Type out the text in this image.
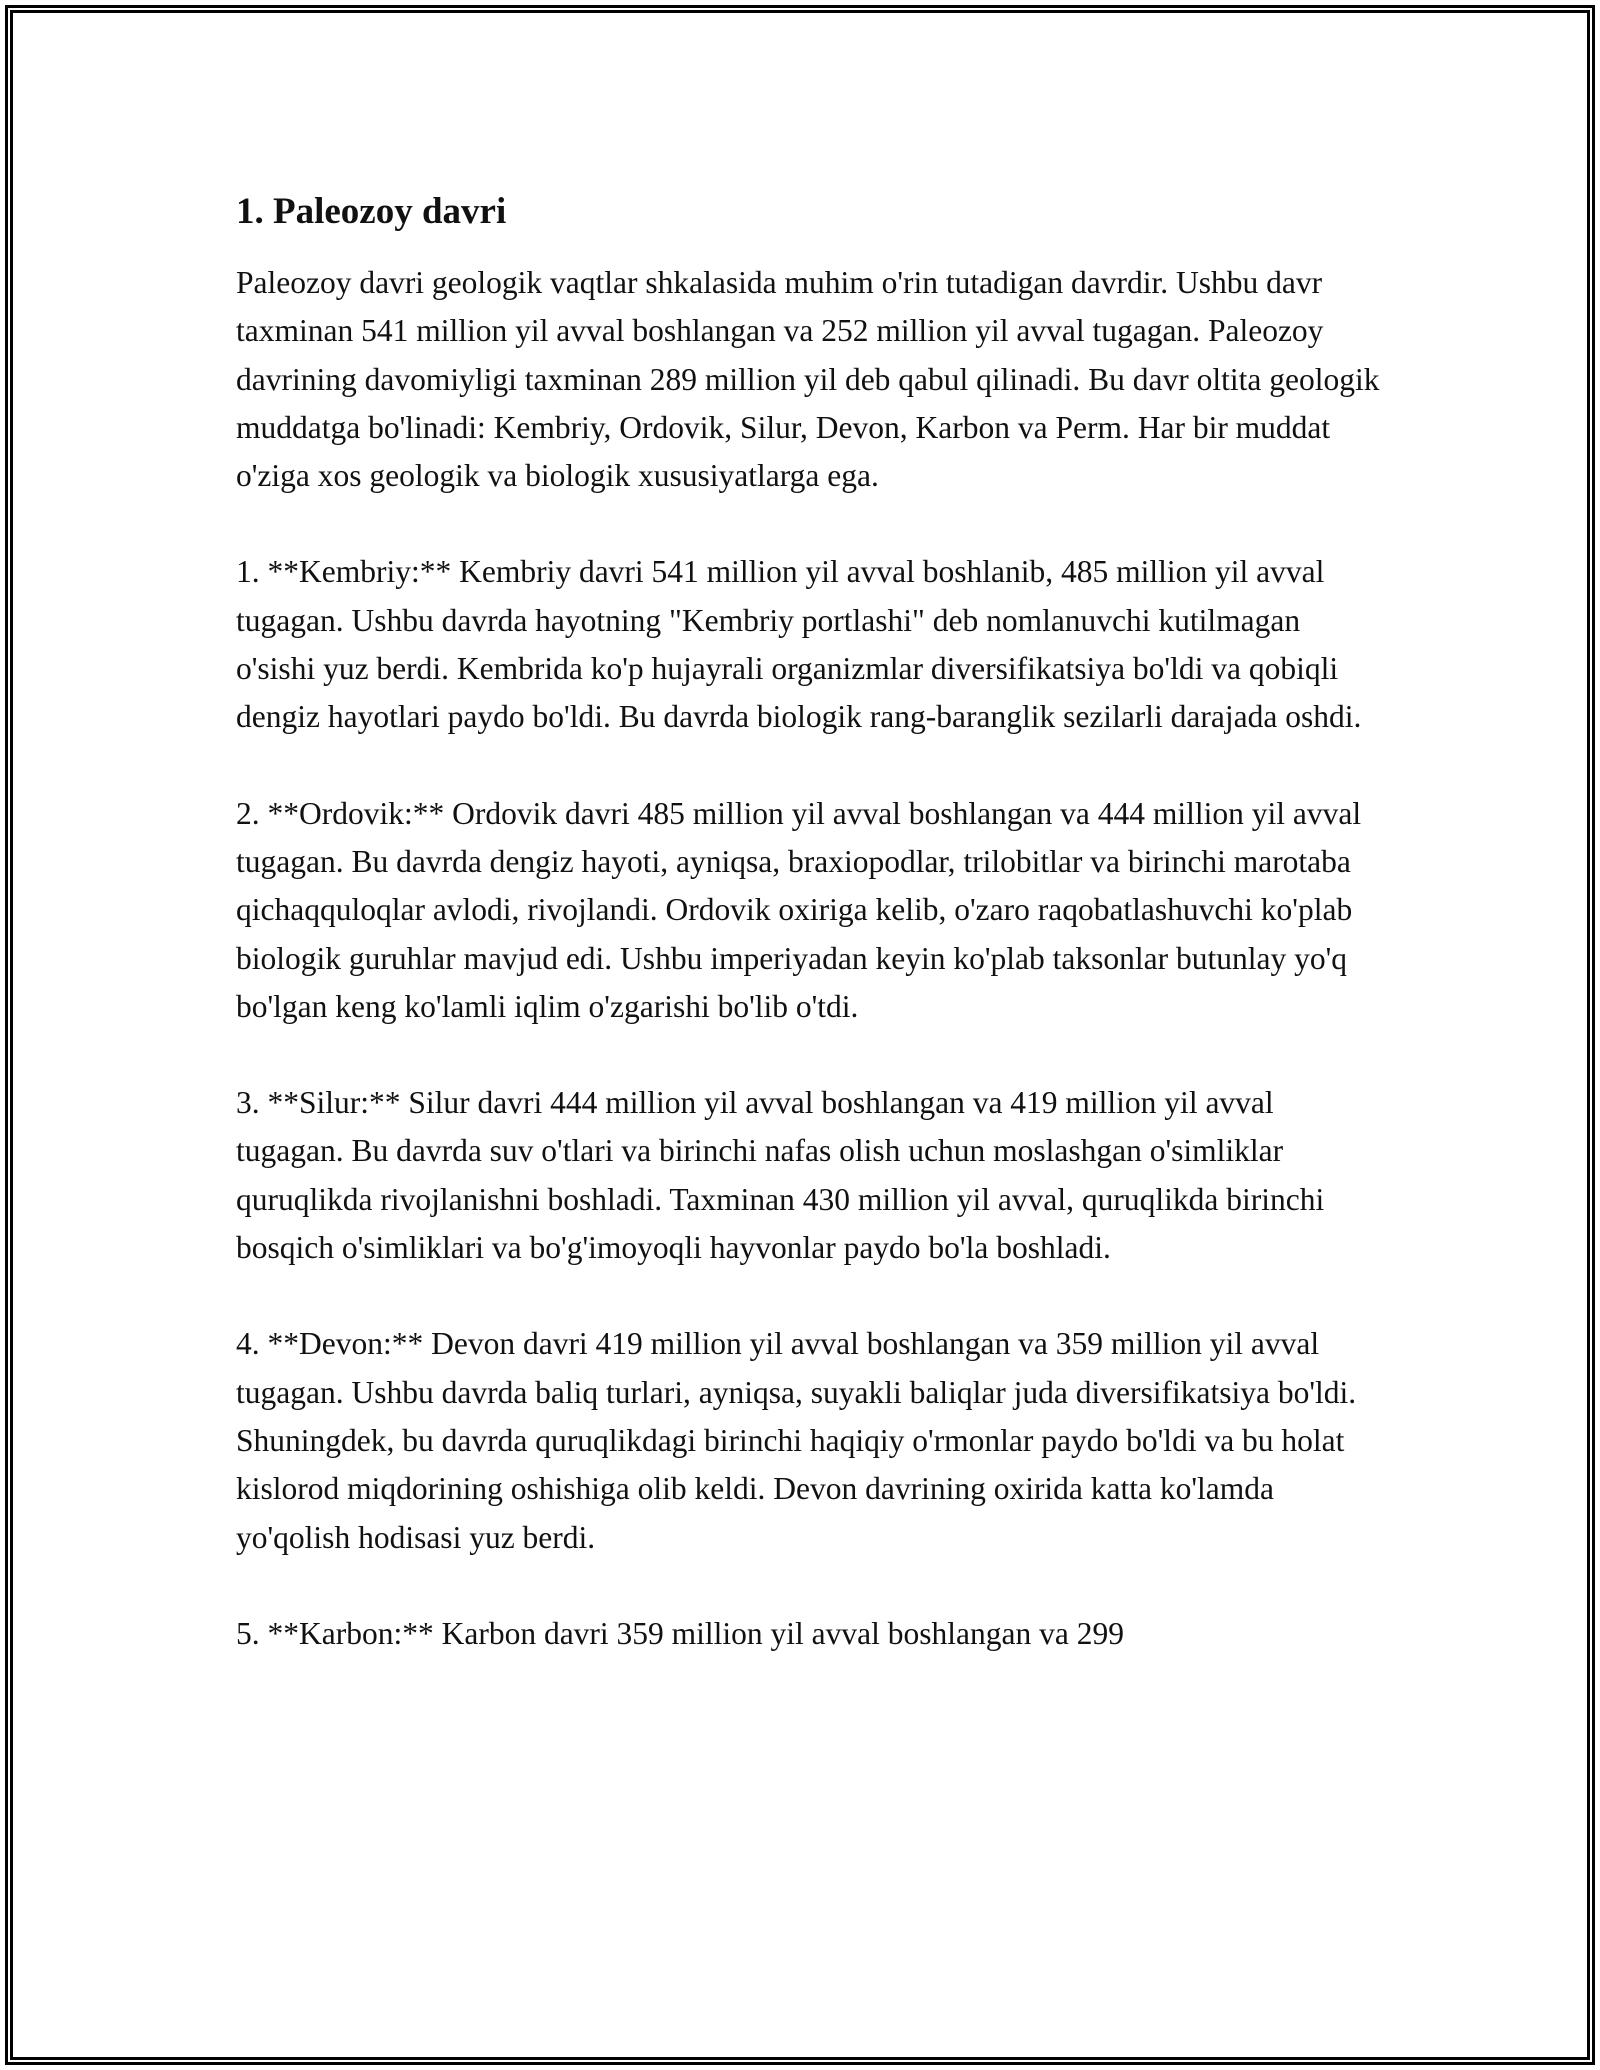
1. Paleozoy davri

Paleozoy davri geologik vaqtlar shkalasida muhim o'rin tutadigan davrdir. Ushbu davr taxminan 541 million yil avval boshlangan va 252 million yil avval tugagan. Paleozoy davrining davomiyligi taxminan 289 million yil deb qabul qilinadi. Bu davr oltita geologik muddatga bo'linadi: Kembriy, Ordovik, Silur, Devon, Karbon va Perm. Har bir muddat o'ziga xos geologik va biologik xususiyatlarga ega.

1. **Kembriy:** Kembriy davri 541 million yil avval boshlanib, 485 million yil avval tugagan. Ushbu davrda hayotning "Kembriy portlashi" deb nomlanuvchi kutilmagan o'sishi yuz berdi. Kembrida ko'p hujayrali organizmlar diversifikatsiya bo'ldi va qobiqli dengiz hayotlari paydo bo'ldi. Bu davrda biologik rang-baranglik sezilarli darajada oshdi.

2. **Ordovik:** Ordovik davri 485 million yil avval boshlangan va 444 million yil avval tugagan. Bu davrda dengiz hayoti, ayniqsa, braxiopodlar, trilobitlar va birinchi marotaba qichaqquloqlar avlodi, rivojlandi. Ordovik oxiriga kelib, o'zaro raqobatlashuvchi ko'plab biologik guruhlar mavjud edi. Ushbu imperiyadan keyin ko'plab taksonlar butunlay yo'q bo'lgan keng ko'lamli iqlim o'zgarishi bo'lib o'tdi.

3. **Silur:** Silur davri 444 million yil avval boshlangan va 419 million yil avval tugagan. Bu davrda suv o'tlari va birinchi nafas olish uchun moslashgan o'simliklar quruqlikda rivojlanishni boshladi. Taxminan 430 million yil avval, quruqlikda birinchi bosqich o'simliklari va bo'g'imoyoqli hayvonlar paydo bo'la boshladi.

4. **Devon:** Devon davri 419 million yil avval boshlangan va 359 million yil avval tugagan. Ushbu davrda baliq turlari, ayniqsa, suyakli baliqlar juda diversifikatsiya bo'ldi. Shuningdek, bu davrda quruqlikdagi birinchi haqiqiy o'rmonlar paydo bo'ldi va bu holat kislorod miqdorining oshishiga olib keldi. Devon davrining oxirida katta ko'lamda yo'qolish hodisasi yuz berdi.

5. **Karbon:** Karbon davri 359 million yil avval boshlangan va 299
